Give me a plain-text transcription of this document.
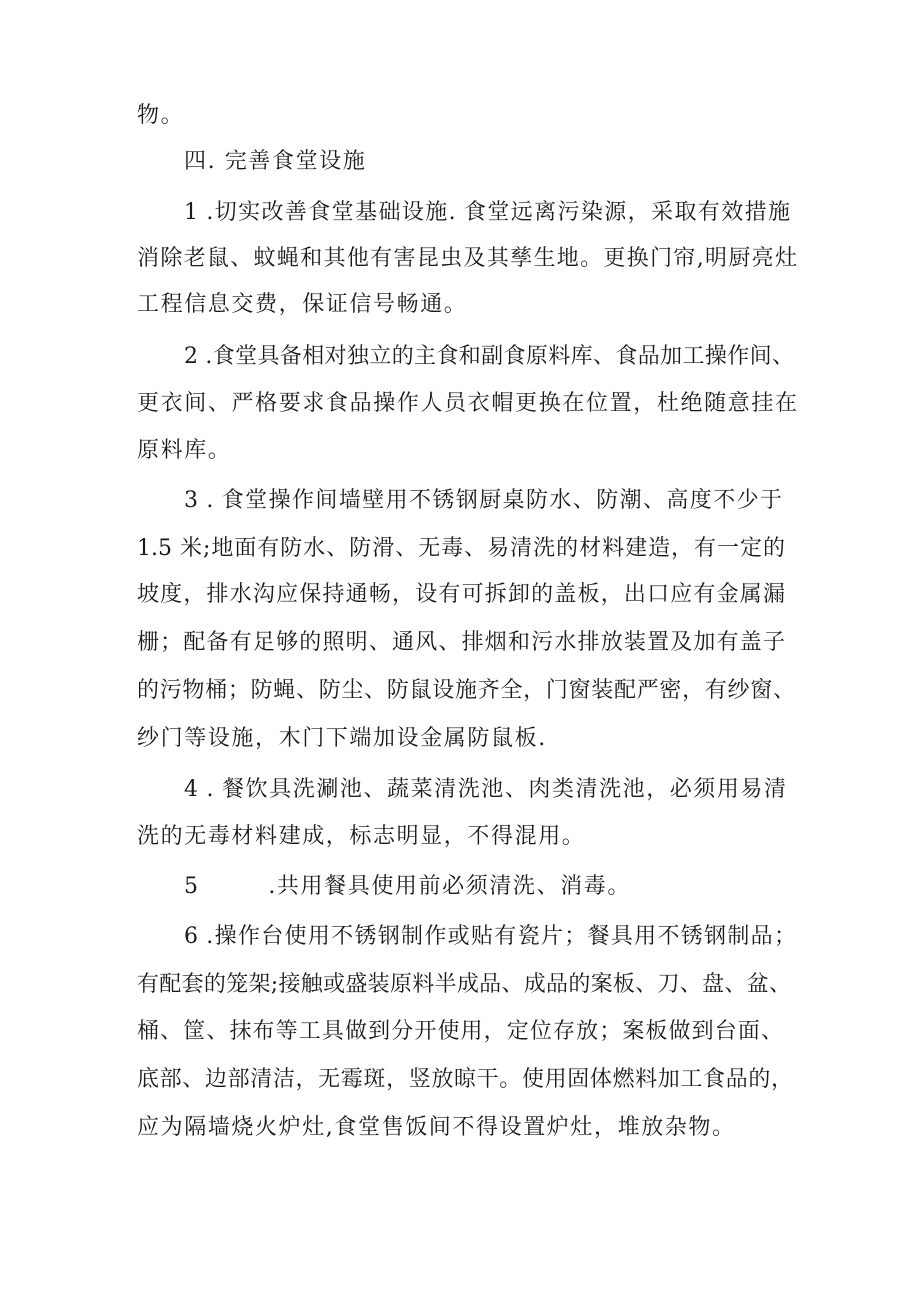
物。
四. 完善食堂设施
1 .切实改善食堂基础设施. 食堂远离污染源，采取有效措施
消除老鼠、蚊蝇和其他有害昆虫及其孳生地。更换门帘,明厨亮灶
工程信息交费，保证信号畅通。
2 .食堂具备相对独立的主食和副食原料库、食品加工操作间、
更衣间、严格要求食品操作人员衣帽更换在位置，杜绝随意挂在
原料库。
3 . 食堂操作间墙壁用不锈钢厨桌防水、防潮、高度不少于
1.5 米;地面有防水、防滑、无毒、易清洗的材料建造，有一定的
坡度，排水沟应保持通畅，设有可拆卸的盖板，出口应有金属漏
栅；配备有足够的照明、通风、排烟和污水排放装置及加有盖子
的污物桶；防蝇、防尘、防鼠设施齐全，门窗装配严密，有纱窗、
纱门等设施，木门下端加设金属防鼠板.
4 . 餐饮具洗涮池、蔬菜清洗池、肉类清洗池，必须用易清
洗的无毒材料建成，标志明显，不得混用。
5        .共用餐具使用前必须清洗、消毒。
6 .操作台使用不锈钢制作或贴有瓷片；餐具用不锈钢制品；
有配套的笼架;接触或盛装原料半成品、成品的案板、刀、盘、盆、
桶、筐、抹布等工具做到分开使用，定位存放；案板做到台面、
底部、边部清洁，无霉斑，竖放晾干。使用固体燃料加工食品的，
应为隔墙烧火炉灶,食堂售饭间不得设置炉灶，堆放杂物。
